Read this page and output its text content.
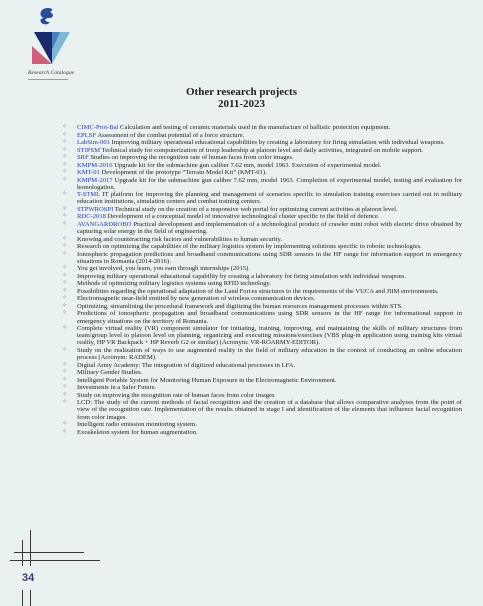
Research Catalogue
Other research projects
2011-2023
✧ CIMC-Prot-Bal Calculation and testing of ceramic materials used in the manufacture of ballistic protection equipment.
✧ EPLSF Assessment of the combat potential of a force structure.
✧ LabSim-001 Improving military operational educational capabilities by creating a laboratory for firing simulation with individual weapons.
✧ STIPSM Technical study for computerization of troop leadership at platoon level and daily activities, integrated on mobile support.
✧ SRF Studies on improving the recognition rate of human faces from color images.
✧ KMPM-2016 Upgrade kit for the submachine gun caliber 7.62 mm, model 1963. Execution of experimental model.
✧ KMT-01 Development of the prototype “Terrain Model Kit” (KMT-01).
✧ KMPM-2017 Upgrade kit for the submachine gun caliber 7.62 mm, model 1963. Completion of experimental model, testing and evaluation for homologation.
✧ T-STML IT platform for improving the planning and management of scenarios specific to simulation training exercises carried out in military education institutions, simulation centers and combat training centers.
✧ STPWROSPI Technical study on the creation of a responsive web portal for optimizing current activities at platoon level.
✧ RDC-2018 Development of a conceptual model of innovative technological cluster specific to the field of defence.
✧ AVANGARDROBO Practical development and implementation of a technological product of crawler mini robot with electric drive obtained by capturing solar energy in the field of engineering.
✧ Knowing and counteracting risk factors and vulnerabilities to human security.
✧ Research on optimizing the capabilities of the military logistics system by implementing solutions specific to robotic technologies.
✧ Ionospheric propagation predictions and broadband communications using SDR sensors in the HF range for information support in emergency situations in Romania (2014-2016).
✧ You get involved, you learn, you earn through internships (2015).
✧ Improving military operational educational capability by creating a laboratory for firing simulation with individual weapons.
✧ Methods of optimizing military logistics systems using RFID technology.
✧ Possibilities regarding the operational adaptation of the Land Forces structures to the requirements of the VUCA and JIIM environments.
✧ Electromagnetic near-field emitted by new generation of wireless communication devices.
✧ Optimizing, streamlining the procedural framework and digitizing the human resources management processes within STS.
✧ Predictions of ionospheric propagation and broadband communications using SDR sensors in the HF range for informational support in emergency situations on the territory of Romania.
✧ Complete virtual reality (VR) component simulator for initiating, training, improving, and maintaining the skills of military structures from team/group level to platoon level on planning, organizing and executing missions/exercises (VBS plug-in application using training kits virtual reality, HP VR Backpack + HP Reverb G2 or similar) (Acronym: VR-ROARMY-EDITOR).
✧ Study on the realization of ways to use augmented reality in the field of military education in the context of conducting an online education process (Acronym: RADEM).
✧ Digital Army Academy: The integration of digitized educational processes in LFA.
✧ Military Gender Studies.
✧ Intelligent Portable System for Monitoring Human Exposure in the Electromagnetic Environment.
✧ Investments in a Safer Future.
✧ Study on improving the recognition rate of human faces from color images
✧ LCD: The study of the current methods of facial recognition and the creation of a database that allows comparative analyzes from the point of view of the recognition rate. Implementation of the results obtained in stage I and identification of the elements that influence facial recognition from color images.
✧ Intelligent radio emission monitoring system.
✧ Exoskeleton system for human augmentation.
34
